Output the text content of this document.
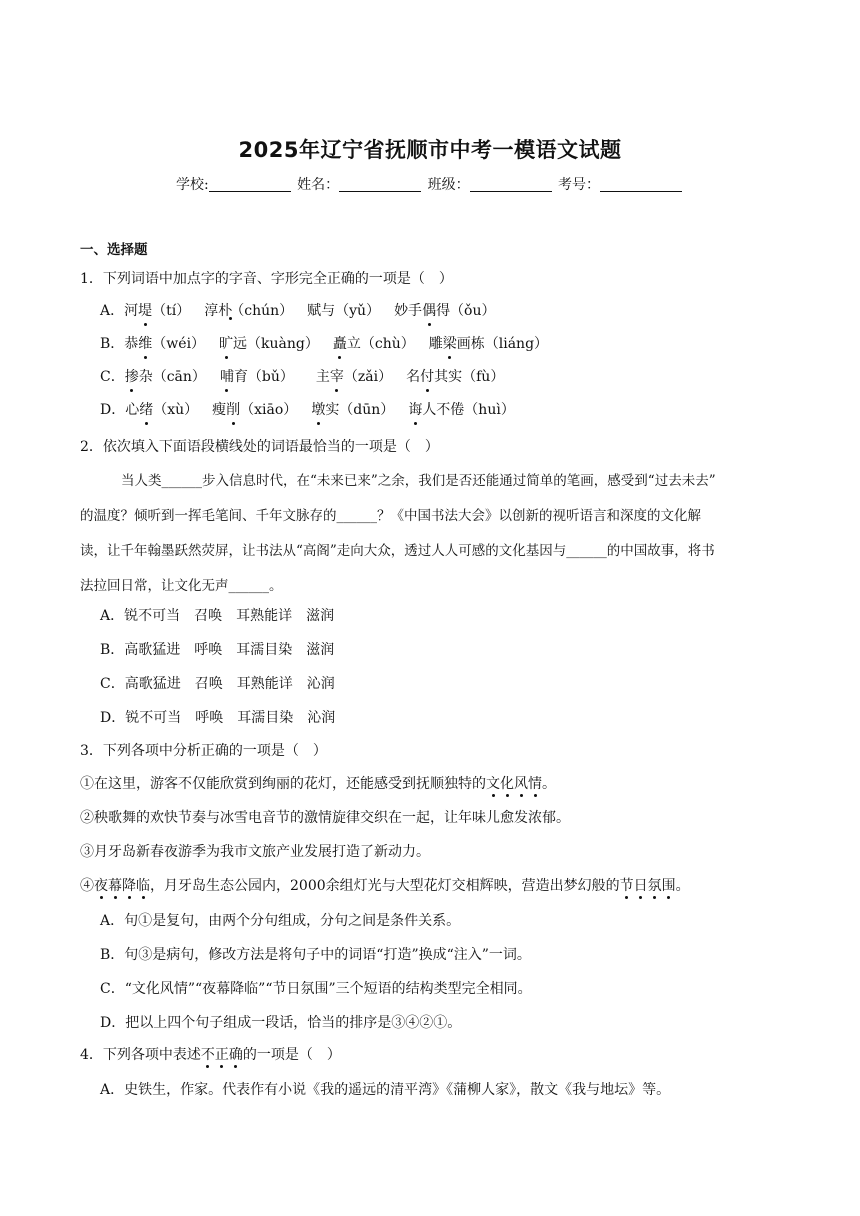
2025年辽宁省抚顺市中考一模语文试题
学校:	姓名：	班级：	考号：
一、选择题
1．下列词语中加点字的字音、字形完全正确的一项是（　）
A．河堤（tí） 淳朴（chún） 赋与（yǔ） 妙手偶得（ǒu）
B．恭维（wéi） 旷远（kuàng） 矗立（chù） 雕梁画栋（liáng）
C．掺杂（cān） 哺育（bǔ） 主宰（zǎi） 名付其实（fù）
D．心绪（xù） 瘦削（xiāo） 墩实（dūn） 诲人不倦（huì）
2．依次填入下面语段横线处的词语最恰当的一项是（　）
当人类______步入信息时代，在“未来已来”之余，我们是否还能通过简单的笔画，感受到“过去未去”
的温度？倾听到一挥毛笔间、千年文脉存的______？《中国书法大会》以创新的视听语言和深度的文化解
读，让千年翰墨跃然荧屏，让书法从“高阁”走向大众，透过人人可感的文化基因与______的中国故事，将书
法拉回日常，让文化无声______。
A．锐不可当　召唤　耳熟能详　滋润
B．高歌猛进　呼唤　耳濡目染　滋润
C．高歌猛进　召唤　耳熟能详　沁润
D．锐不可当　呼唤　耳濡目染　沁润
3．下列各项中分析正确的一项是（　）
①在这里，游客不仅能欣赏到绚丽的花灯，还能感受到抚顺独特的文化风情。
②秧歌舞的欢快节奏与冰雪电音节的激情旋律交织在一起，让年味儿愈发浓郁。
③月牙岛新春夜游季为我市文旅产业发展打造了新动力。
④夜幕降临，月牙岛生态公园内，2000余组灯光与大型花灯交相辉映，营造出梦幻般的节日氛围。
A．句①是复句，由两个分句组成，分句之间是条件关系。
B．句③是病句，修改方法是将句子中的词语“打造”换成“注入”一词。
C．“文化风情”“夜幕降临”“节日氛围”三个短语的结构类型完全相同。
D．把以上四个句子组成一段话，恰当的排序是③④②①。
4．下列各项中表述不正确的一项是（　）
A．史铁生，作家。代表作有小说《我的遥远的清平湾》《蒲柳人家》，散文《我与地坛》等。
